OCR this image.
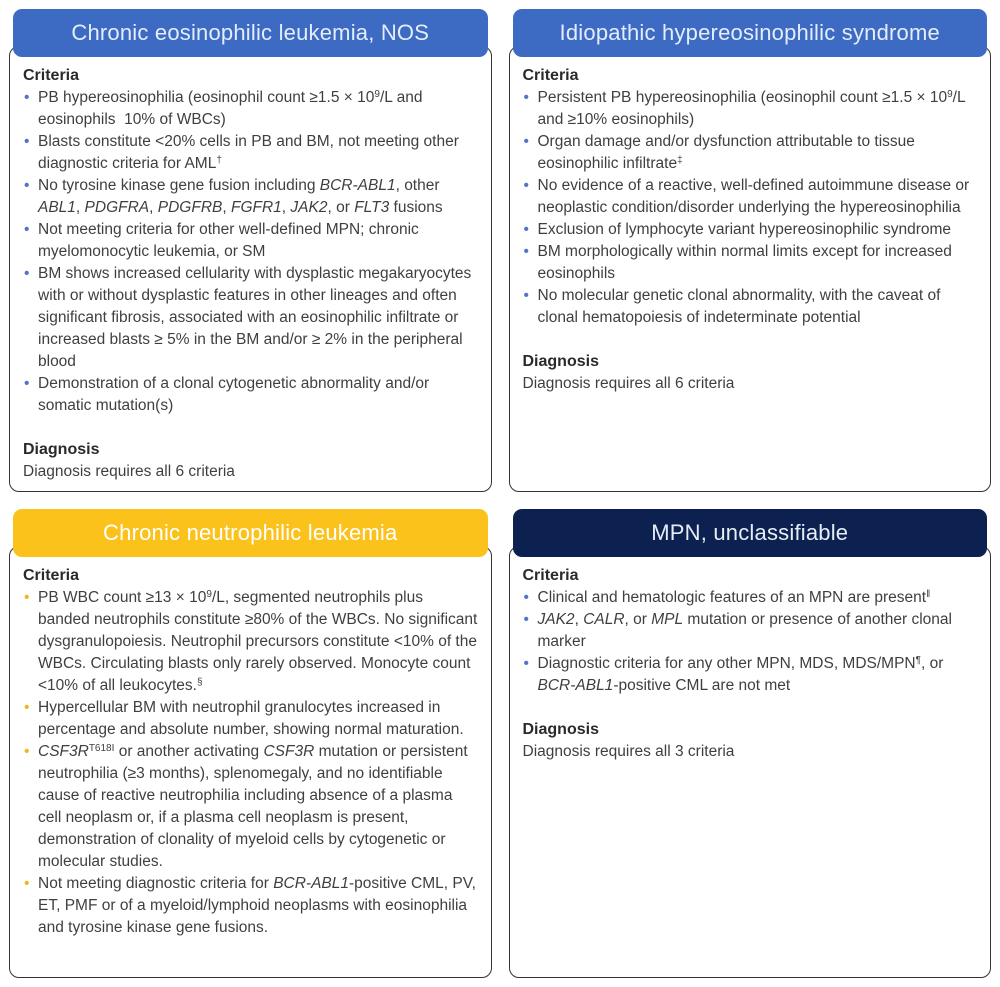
Chronic eosinophilic leukemia, NOS
Criteria
• PB hypereosinophilia (eosinophil count $\ge 1.5 \times 10^9/L$ and eosinophils  10% of WBCs)
• Blasts constitute <20% cells in PB and BM, not meeting other diagnostic criteria for AML†
• No tyrosine kinase gene fusion including BCR-ABL1, other ABL1, PDGFRA, PDGFRB, FGFR1, JAK2, or FLT3 fusions
• Not meeting criteria for other well-defined MPN; chronic myelomonocytic leukemia, or SM
• BM shows increased cellularity with dysplastic megakaryocytes with or without dysplastic features in other lineages and often significant fibrosis, associated with an eosinophilic infiltrate or increased blasts ≥ 5% in the BM and/or ≥ 2% in the peripheral blood
• Demonstration of a clonal cytogenetic abnormality and/or somatic mutation(s)
Diagnosis

Diagnosis requires all 6 criteria

Idiopathic hypereosinophilic syndrome
Criteria
• Persistent PB hypereosinophilia (eosinophil count $\ge 1.5 \times 10^9/L$ and ≥10% eosinophils)
• Organ damage and/or dysfunction attributable to tissue eosinophilic infiltrate‡
• No evidence of a reactive, well-defined autoimmune disease or neoplastic condition/disorder underlying the hypereosinophilia
• Exclusion of lymphocyte variant hypereosinophilic syndrome
• BM morphologically within normal limits except for increased eosinophils
• No molecular genetic clonal abnormality, with the caveat of clonal hematopoiesis of indeterminate potential
Diagnosis

Diagnosis requires all 6 criteria

Chronic neutrophilic leukemia
Criteria
• PB WBC count $\ge 13 \times 10^9/L$, segmented neutrophils plus banded neutrophils constitute ≥80% of the WBCs. No significant dysgranulopoiesis. Neutrophil precursors constitute <10% of the WBCs. Circulating blasts only rarely observed. Monocyte count <10% of all leukocytes.§
• Hypercellular BM with neutrophil granulocytes increased in percentage and absolute number, showing normal maturation.
• $CSF3R^{T618I}$ or another activating CSF3R mutation or persistent neutrophilia (≥3 months), splenomegaly, and no identifiable cause of reactive neutrophilia including absence of a plasma cell neoplasm or, if a plasma cell neoplasm is present, demonstration of clonality of myeloid cells by cytogenetic or molecular studies.
• Not meeting diagnostic criteria for BCR-ABL1-positive CML, PV, ET, PMF or of a myeloid/lymphoid neoplasms with eosinophilia and tyrosine kinase gene fusions.
MPN, unclassifiable
Criteria
• Clinical and hematologic features of an MPN are present‖
• JAK2, CALR, or MPL mutation or presence of another clonal marker
• Diagnostic criteria for any other MPN, MDS, MDS/MPN¶, or BCR-ABL1-positive CML are not met
Diagnosis

Diagnosis requires all 3 criteria
